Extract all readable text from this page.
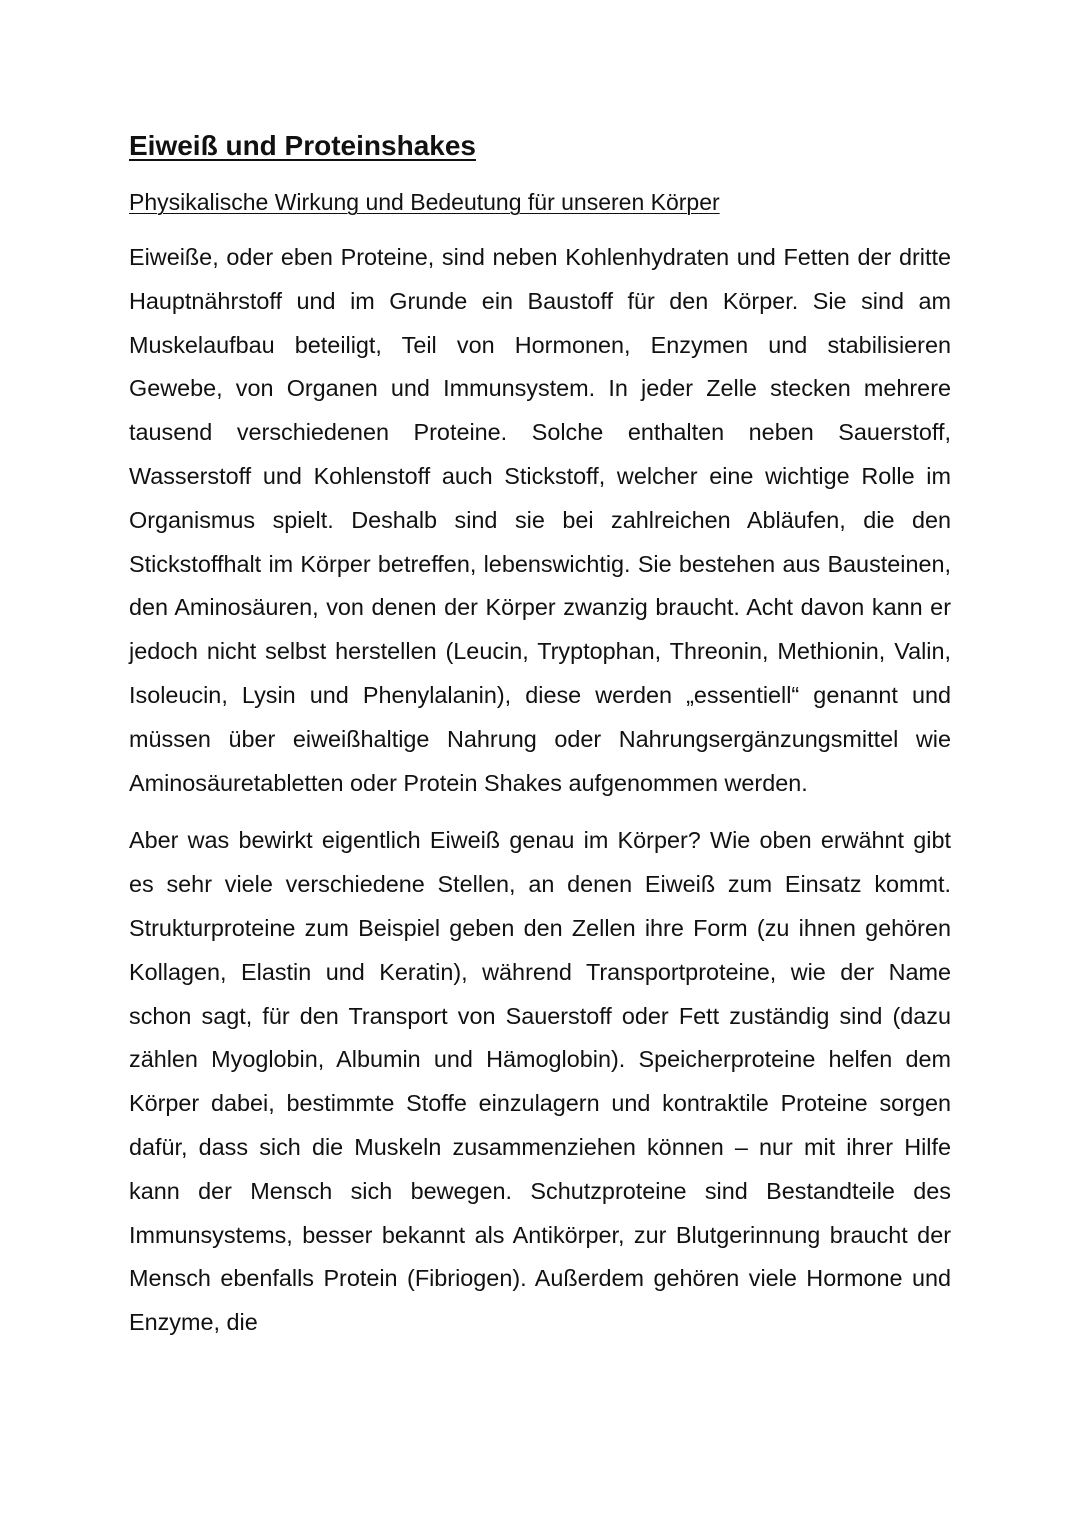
Eiweiß und Proteinshakes
Physikalische Wirkung und Bedeutung für unseren Körper

Eiweiße, oder eben Proteine, sind neben Kohlenhydraten und Fetten der dritte Hauptnährstoff und im Grunde ein Baustoff für den Körper. Sie sind am Muskelaufbau beteiligt, Teil von Hormonen, Enzymen und stabilisieren Gewebe, von Organen und Immunsystem. In jeder Zelle stecken mehrere tausend verschiedenen Proteine. Solche enthalten neben Sauerstoff, Wasserstoff und Kohlenstoff auch Stickstoff, welcher eine wichtige Rolle im Organismus spielt. Deshalb sind sie bei zahlreichen Abläufen, die den Stickstoffhalt im Körper betreffen, lebenswichtig. Sie bestehen aus Bausteinen, den Aminosäuren, von denen der Körper zwanzig braucht. Acht davon kann er jedoch nicht selbst herstellen (Leucin, Tryptophan, Threonin, Methionin, Valin, Isoleucin, Lysin und Phenylalanin), diese werden „essentiell“ genannt und müssen über eiweißhaltige Nahrung oder Nahrungsergänzungsmittel wie Aminosäuretabletten oder Protein Shakes aufgenommen werden.

Aber was bewirkt eigentlich Eiweiß genau im Körper? Wie oben erwähnt gibt es sehr viele verschiedene Stellen, an denen Eiweiß zum Einsatz kommt. Strukturproteine zum Beispiel geben den Zellen ihre Form (zu ihnen gehören Kollagen, Elastin und Keratin), während Transportproteine, wie der Name schon sagt, für den Transport von Sauerstoff oder Fett zuständig sind (dazu zählen Myoglobin, Albumin und Hämoglobin). Speicherproteine helfen dem Körper dabei, bestimmte Stoffe einzulagern und kontraktile Proteine sorgen dafür, dass sich die Muskeln zusammenziehen können – nur mit ihrer Hilfe kann der Mensch sich bewegen. Schutzproteine sind Bestandteile des Immunsystems, besser bekannt als Antikörper, zur Blutgerinnung braucht der Mensch ebenfalls Protein (Fibriogen). Außerdem gehören viele Hormone und Enzyme, die
